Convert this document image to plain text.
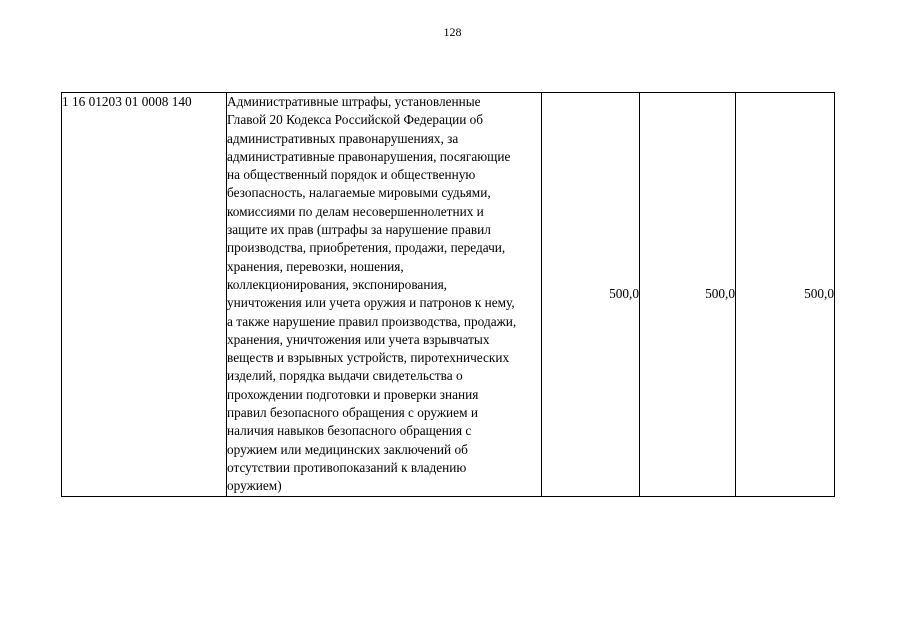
128
1 16 01203 01 0008 140	Административные штрафы, установленные
Главой 20 Кодекса Российской Федерации об
административных правонарушениях, за
административные правонарушения, посягающие
на общественный порядок и общественную
безопасность, налагаемые мировыми судьями,
комиссиями по делам несовершеннолетних и
защите их прав (штрафы за нарушение правил
производства, приобретения, продажи, передачи,
хранения, перевозки, ношения,
коллекционирования, экспонирования,
уничтожения или учета оружия и патронов к нему,
а также нарушение правил производства, продажи,
хранения, уничтожения или учета взрывчатых
веществ и взрывных устройств, пиротехнических
изделий, порядка выдачи свидетельства о
прохождении подготовки и проверки знания
правил безопасного обращения с оружием и
наличия навыков безопасного обращения с
оружием или медицинских заключений об
отсутствии противопоказаний к владению
оружием)
	500,0	500,0	500,0
